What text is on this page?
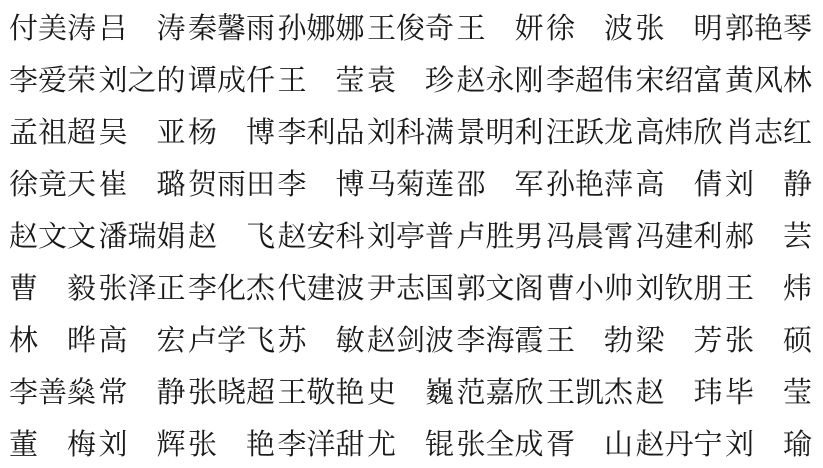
付美涛 吕　涛 秦馨雨 孙娜娜 王俊奇 王　妍 徐　波 张　明 郭艳琴
李爱荣 刘之的 谭成仟 王　莹 袁　珍 赵永刚 李超伟 宋绍富 黄风林
孟祖超 吴　亚 杨　博 李利品 刘科满 景明利 汪跃龙 高炜欣 肖志红
徐竟天 崔　璐 贺雨田 李　博 马菊莲 邵　军 孙艳萍 高　倩 刘　静
赵文文 潘瑞娟 赵　飞 赵安科 刘亭普 卢胜男 冯晨霄 冯建利 郝　芸
曹　毅 张泽正 李化杰 代建波 尹志国 郭文阁 曹小帅 刘钦朋 王　炜
林　晔 高　宏 卢学飞 苏　敏 赵剑波 李海霞 王　勃 梁　芳 张　硕
李善燊 常　静 张晓超 王敬艳 史　巍 范嘉欣 王凯杰 赵　玮 毕　莹
董　梅 刘　辉 张　艳 李洋甜 尤　锟 张全成 胥　山 赵丹宁 刘　瑜
